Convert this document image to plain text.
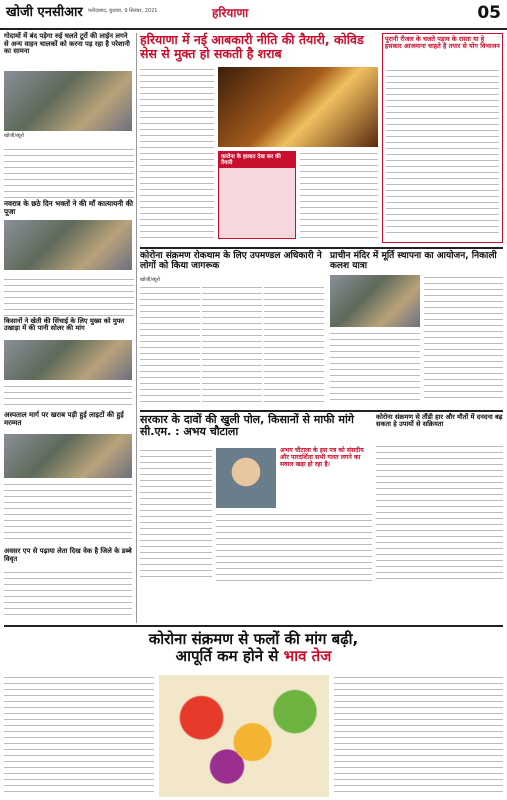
खोजी एनसीआर फरीदाबाद, बुधवार, 9 सितंबर, 2021	हरियाणा	05
गोदामों में बंद पड़ेगा रुई चलते टूरों की लाईन लगने से अन्य वाहन चालकों को करना पड़ रहा है परेशानी का सामना
खोजी/ब्यूरो
नवरात्र के छठे दिन भक्तों ने की माँ कात्यायनी की पूजा
किसानों ने खेती की सिंचाई के लिए मुख्य को मुफ्त उखाड़ा में की पानी सोलर की मांग
अस्पताल मार्ग पर खराब पड़ी हुई लाइटों की हुई मरम्मत
अवसर एप से पढ़ाया लेता दिख वेक है जिले के डब्बे विवृत
हरियाणा में नई आबकारी नीति की तैयारी, कोविड सेस से मुक्त हो सकती है शराब
कारोना के हालात देख कर की तैयारी
पुरानी रीजल के चलते पड़ाव के रास्ता या हे इसकार आजमाना चाहते है तयार से योग विभाजन
कोरोना संक्रमण रोकथाम के लिए उपमण्डल अधिकारी ने लोगों को किया जागरूक
खोजी/ब्यूरो
प्राचीन मंदिर में मूर्ति स्थापना का आयोजन, निकाली कलश यात्रा
सरकार के दावों की खुली पोल, किसानों से माफी मांगे सी.एम. : अभय चौटाला
अभय चौटाला के इस पत्र को संसदीय और पारदर्शिता सभी गलत लगने का सवाल खड़ा हो रहा है।
कोरोना संक्रमण से तौंडी हार और मौतों में दनदना बढ़ सकता हे उपायों से सक्रियता
कोरोना संक्रमण से फलों की मांग बढ़ी,
आपूर्ति कम होने से भाव तेज
